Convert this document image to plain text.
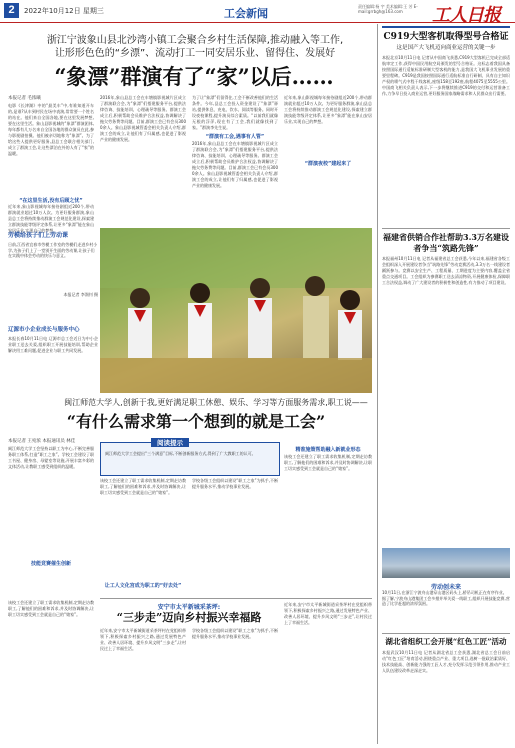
2	2022年10月12日 星期三	工会新闻
责任编辑:杨 宇 美术编辑:王 芳 E-mail:grrbgh@163.com	工人日报
浙江宁波象山县北沙湾小镇工会聚合乡村生活保障,推动融入等工作,
让形形色色的“乡漂”、流动打工一同安居乐业、留得住、发展好
“象漂”群演有了“家”以后……
本报记者 毛浓曦
电影《长津湖》中的“最美车”中,有谁知道开车的,是谁?从车到村民在场中表演,常常要一个姓名的站在。他们来自全国各地,要在这里发展梦想,要在这里生活。象山县影视城的“象漂”群演团体,每年都有几万名来自全国各地的群众演员在此,参与影视剧拍摄。他们被亲切地称为“象漂”。为了给这些人提供更好服务,县总工会联合相关部门,成立了群演工会,让这些漂泊在外的人有了“家”的温暖。
“在这里生活,没有后顾之忧”
近年来,象山影视城每年接待剧组近200个,带动群演就业超过10万人次。为更好服务群演,象山县总工会将持续推动群演工会规范化建设,探索建立群演技能等级评定体系,让更多“象漂”能在象山安居乐业,实现自己的梦想。
2016年,象山县总工会在车塘镇影视城片区成立了群演联合会,为“象漂”们搭建服务平台,提供法律咨询、技能培训、心理疏导等服务。群演工会成立后,积极帮助会员维护合法权益,协调解决了拖欠劳务费等问题。目前,群演工会已有会员3000余人。象山县影视城管委会相关负责人介绍,群演工会的成立,让他们有了归属感,也促进了影视产业的健康发展。	“群演有工会,遇事有人管”
为了让“象漂”们留得住,工会不断改善他们的生活条件。今年,县总工会投入资金建设了“象漂”驿站,提供休息、充电、饮水、阅读等服务。同时开设夜校课程,提升演员综合素质。“以前我们就像无根的浮萍,现在有了工会,我们就像找到了家。”群演李先生说。
2016年,象山县总工会在车塘镇影视城片区成立了群演联合会,为“象漂”们搭建服务平台,提供法律咨询、技能培训、心理疏导等服务。群演工会成立后,积极帮助会员维护合法权益,协调解决了拖欠劳务费等问题。目前,群演工会已有会员3000余人。象山县影视城管委会相关负责人介绍,群演工会的成立,让他们有了归属感,也促进了影视产业的健康发展。
近年来,象山影视城每年接待剧组近200个,带动群演就业超过10万人次。为更好服务群演,象山县总工会将持续推动群演工会规范化建设,探索建立群演技能等级评定体系,让更多“象漂”能在象山安居乐业,实现自己的梦想。
“群演夜校”建起来了
劳模给孩子们上劳动课
日前,江西省宜春市劳模工作室的劳模们走进乡村小学,为孩子们上了一堂别开生面的劳动课,让孩子们在实践中体会劳动的快乐与意义。
本报记者 李润钊 摄
辽源市小企业成长与服务中心
本报长春10月11日电 辽源市总工会近日为中小企业职工送去关爱,组织职工开展技能培训,帮助企业解决用工难问题,促进企业与职工共同发展。
闽江师范大学人,创新于我,更好满足职工休憩、娱乐、学习等方面服务需求,职工说——
“有什么需求第一个想到的就是工会”
本报记者 王宛浓 本报通讯员 林佳
闽江师范大学工会坚持以职工为中心,不断完善服务职工体系,打造“职工之家”。学校工会建设了职工书屋、健身房、母婴室等设施,开展丰富多彩的文体活动,让教职工感受到组织的温暖。
技能竞赛催生创新
阅读提示
闽江师范大学工会提出“三个满意”目标,不断创新服务方式,得到了广大教职工的认可。
该校工会还建立了职工需求收集机制,定期走访教职工,了解他们的困难和诉求,并及时协调解决,让职工切实感受到工会就是自己的“娘家”。
让工人文化宫成为职工的“好去处”
学校各级工会组织以建设“职工之家”为抓手,不断提升服务水平,推动学校事业发展。
精准施策帮助融入新就业形态
该校工会还建立了职工需求收集机制,定期走访教职工,了解他们的困难和诉求,并及时协调解决,让职工切实感受到工会就是自己的“娘家”。
安宁市太平新城采茶坪:
“三步走”迈向乡村振兴幸福路
近年来,安宁市太平新城街道采茶坪村在党组织带领下,积极探索乡村振兴之路,通过发展特色产业、改善人居环境、提升乡风文明“三步走”,让村民过上了幸福生活。
学校各级工会组织以建设“职工之家”为抓手,不断提升服务水平,推动学校事业发展。
近年来,安宁市太平新城街道采茶坪村在党组织带领下,积极探索乡村振兴之路,通过发展特色产业、改善人居环境、提升乡风文明“三步走”,让村民过上了幸福生活。
该校工会还建立了职工需求收集机制,定期走访教职工,了解他们的困难和诉求,并及时协调解决,让职工切实感受到工会就是自己的“娘家”。
C919大型客机取得型号合格证
这是国产大飞机迈向商业运营的关键一步
本报北京10月11日电 记者从中国商飞获悉,C919大型客机已完成全部适航审定工作,获得中国民用航空局颁发的型号合格证。这标志着我国具备按照国际通行适航标准研制大型客机的能力,是我国大飞机事业发展的重要里程碑。C919是我国按照国际通行适航标准自行研制、具有自主知识产权的喷气式中程干线客机,座级158至192座,航程4075至5555公里。中国商飞相关负责人表示,下一步将继续推进C919的交付和运营准备工作,力争早日投入商业运营,更好服务国家战略需求和人民群众出行需要。
福建省供销合作社帮助3.3万名建设者争当“筑路先锋”
本报福州10月11日电 记者从福建省总工会获悉,今年以来,福建省各级工会组织深入开展建设者争当“筑路先锋”劳动竞赛活动,3.3万名一线建设者踊跃参与。竞赛以安全生产、工程质量、工期进度为主要内容,覆盖全省重点交通项目。工会组织为参赛职工送去清凉物资,开展健康体检,保障职工合法权益,调动了广大建设者的积极性和创造性,有力推动了项目建设。
劳动创未来
10月11日,在浙江宁波舟山港穿山港区码头上,桥吊司机正在有序作业。据了解,宁波舟山港集团工会多措并举关爱一线职工,组织开展技能竞赛,营造了比学赶超的浓厚氛围。
湖北省组织工会开展“红色工匠”活动
本报武汉10月11日电 记者从湖北省总工会获悉,湖北省总工会日前启动“红色工匠”培育活动,围绕重点产业、重大项目,选树一批政治素质好、技术技能高、创新能力强的工匠人才,充分发挥示范引领作用,推动产业工人队伍建设改革走深走实。
